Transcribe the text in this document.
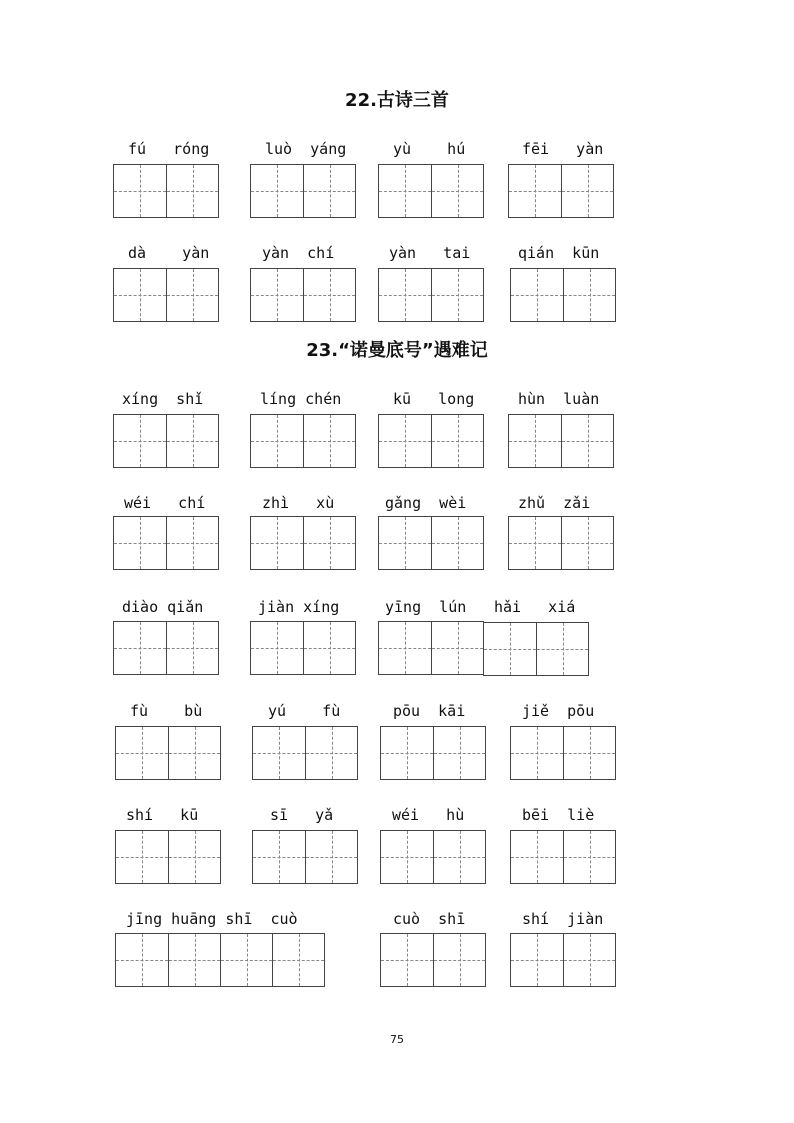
22.古诗三首
fú   róng	luò  yáng	yù    hú	fēi   yàn
dà    yàn	yàn  chí	yàn   tai	qián  kūn
23.“诺曼底号”遇难记
xíng  shǐ	líng chén	kū   long	hùn  luàn
wéi   chí	zhì   xù	gǎng  wèi	zhǔ  zǎi
diào qiǎn	jiàn xíng	yīng  lún hǎi   xiá
fù    bù	yú    fù	pōu  kāi	jiě  pōu
shí   kū	sī   yǎ	wéi   hù	bēi  liè
jīng huāng shī  cuò	cuò  shī	shí  jiàn
75
